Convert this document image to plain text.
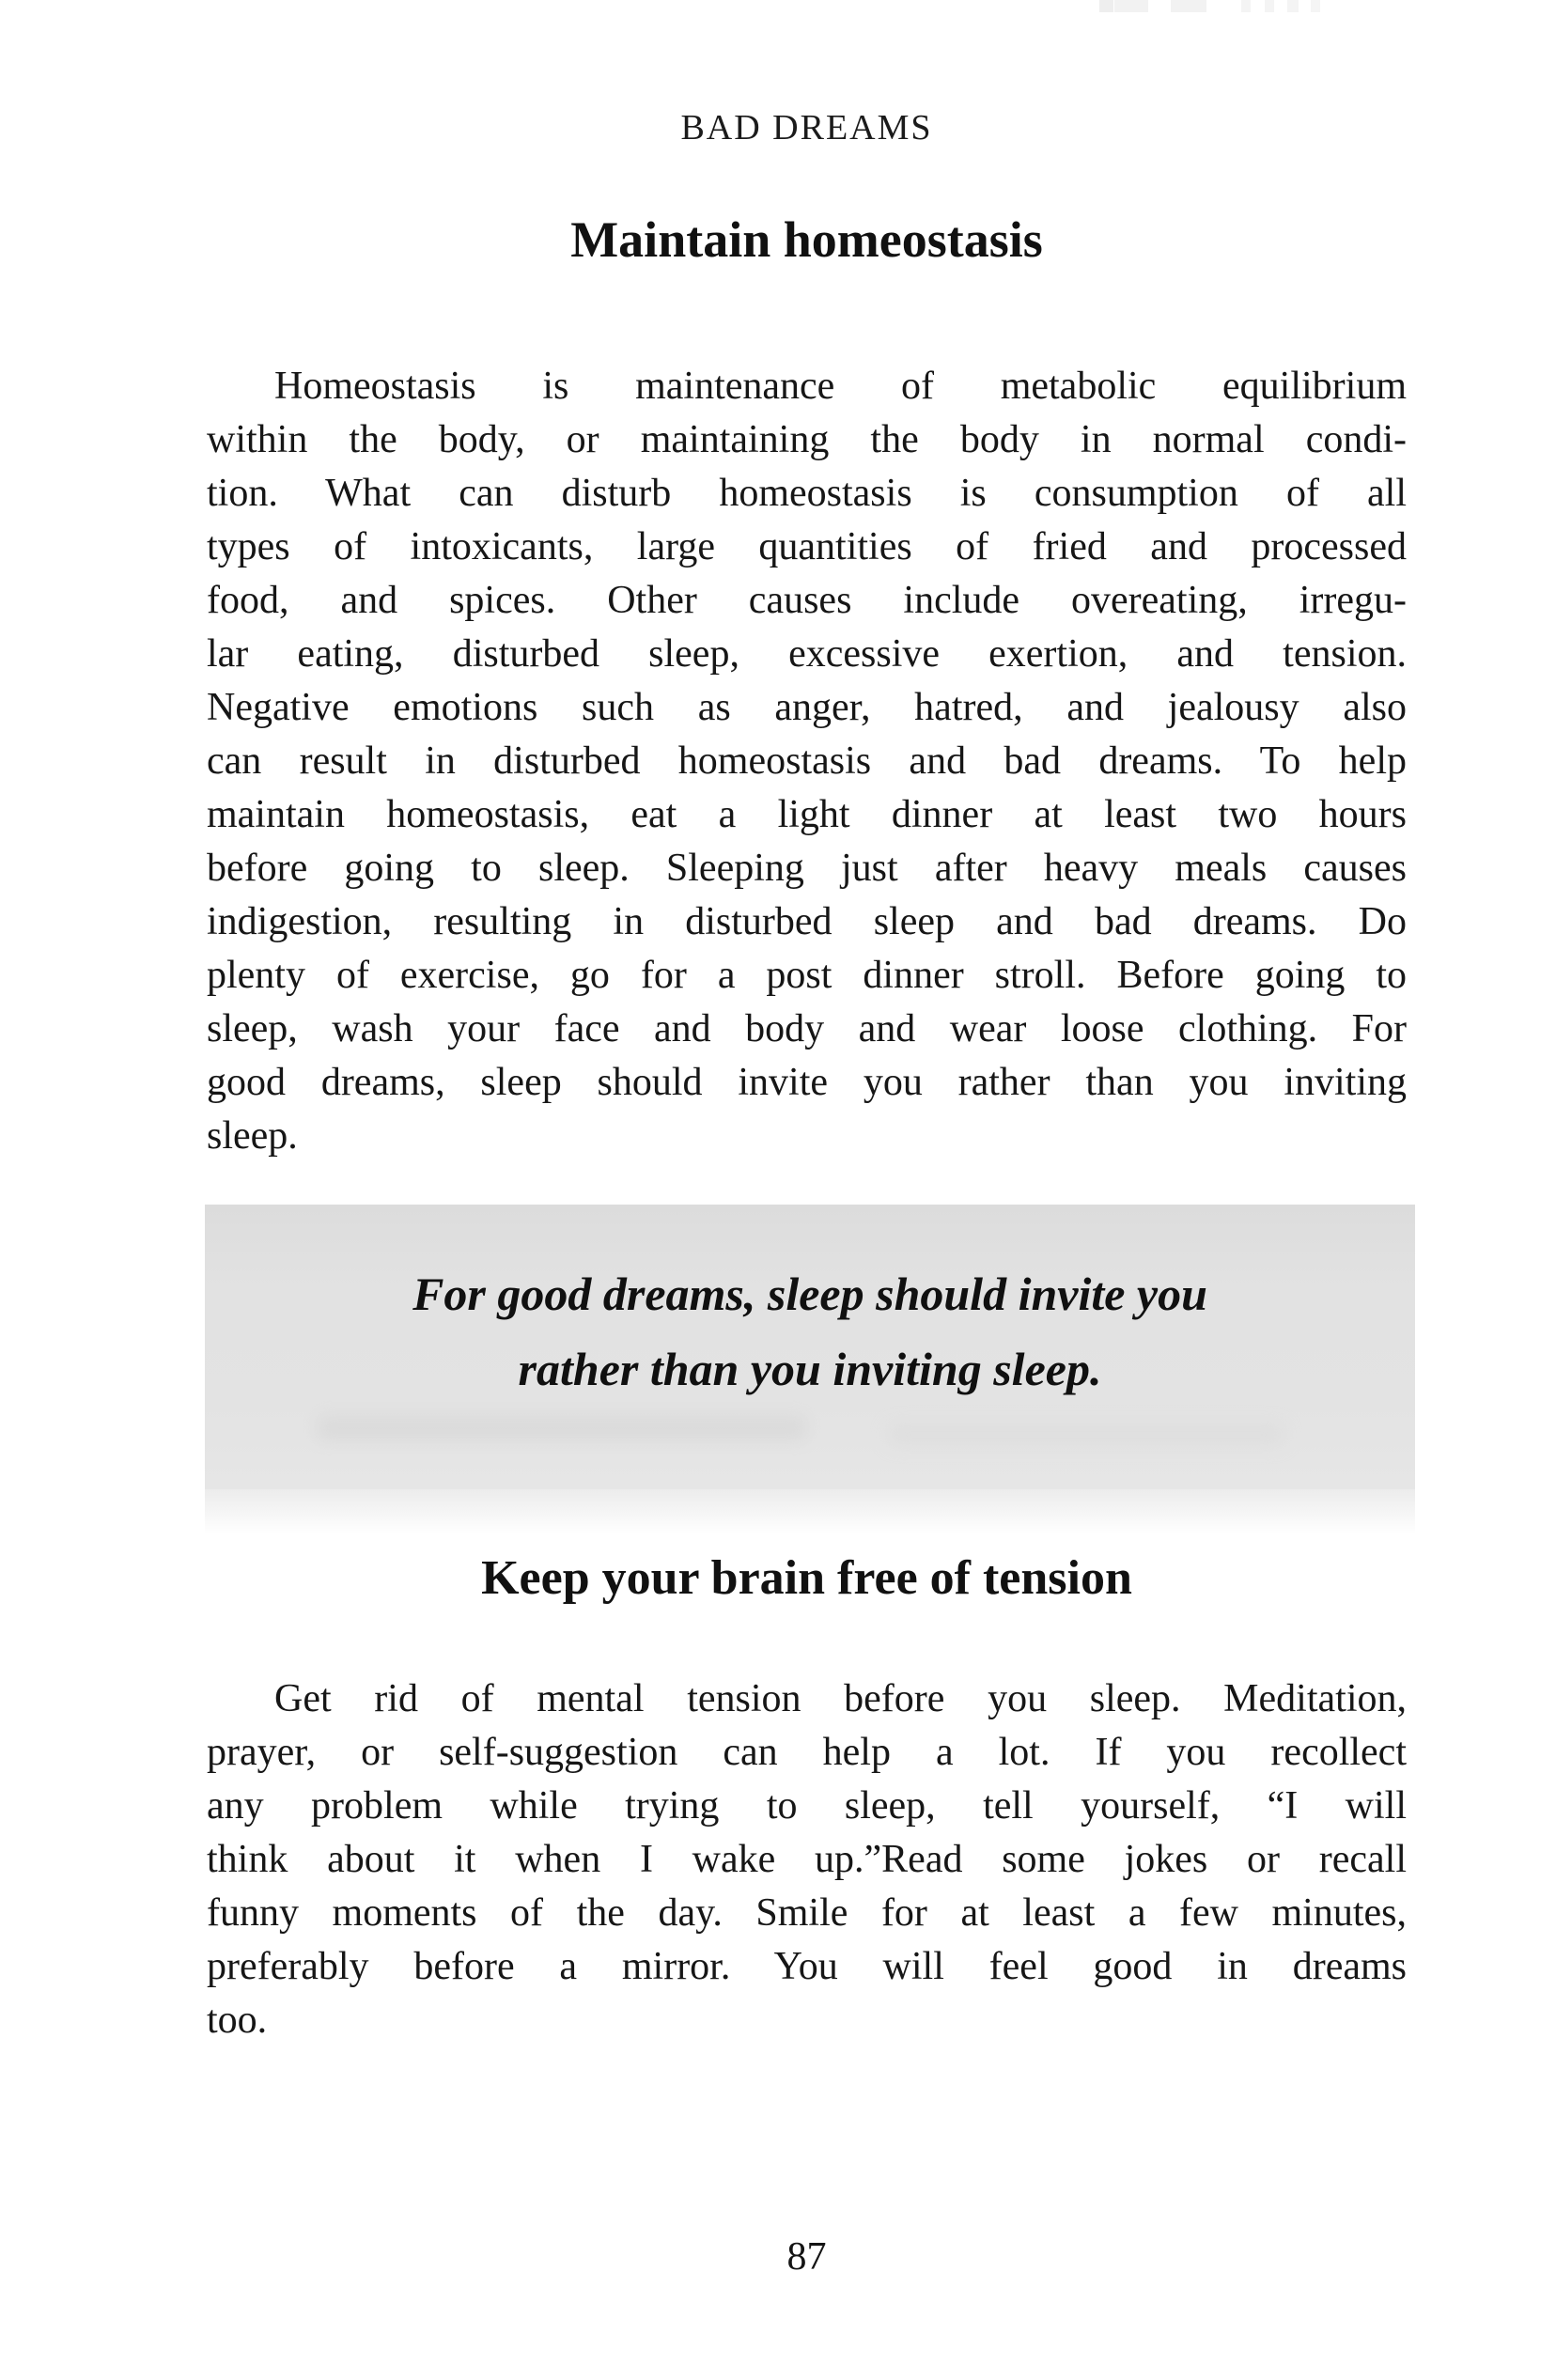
BAD DREAMS
Maintain homeostasis
Homeostasis is maintenance of metabolic equilibrium
within the body, or maintaining the body in normal condi-
tion. What can disturb homeostasis is consumption of all
types of intoxicants, large quantities of fried and processed
food, and spices. Other causes include overeating, irregu-
lar eating, disturbed sleep, excessive exertion, and tension.
Negative emotions such as anger, hatred, and jealousy also
can result in disturbed homeostasis and bad dreams. To help
maintain homeostasis, eat a light dinner at least two hours
before going to sleep. Sleeping just after heavy meals causes
indigestion, resulting in disturbed sleep and bad dreams. Do
plenty of exercise, go for a post dinner stroll. Before going to
sleep, wash your face and body and wear loose clothing. For
good dreams, sleep should invite you rather than you inviting
sleep.
For good dreams, sleep should invite you
rather than you inviting sleep.
Keep your brain free of tension
Get rid of mental tension before you sleep. Meditation,
prayer, or self-suggestion can help a lot. If you recollect
any problem while trying to sleep, tell yourself, “I will
think about it when I wake up.”Read some jokes or recall
funny moments of the day. Smile for at least a few minutes,
preferably before a mirror. You will feel good in dreams
too.
87
